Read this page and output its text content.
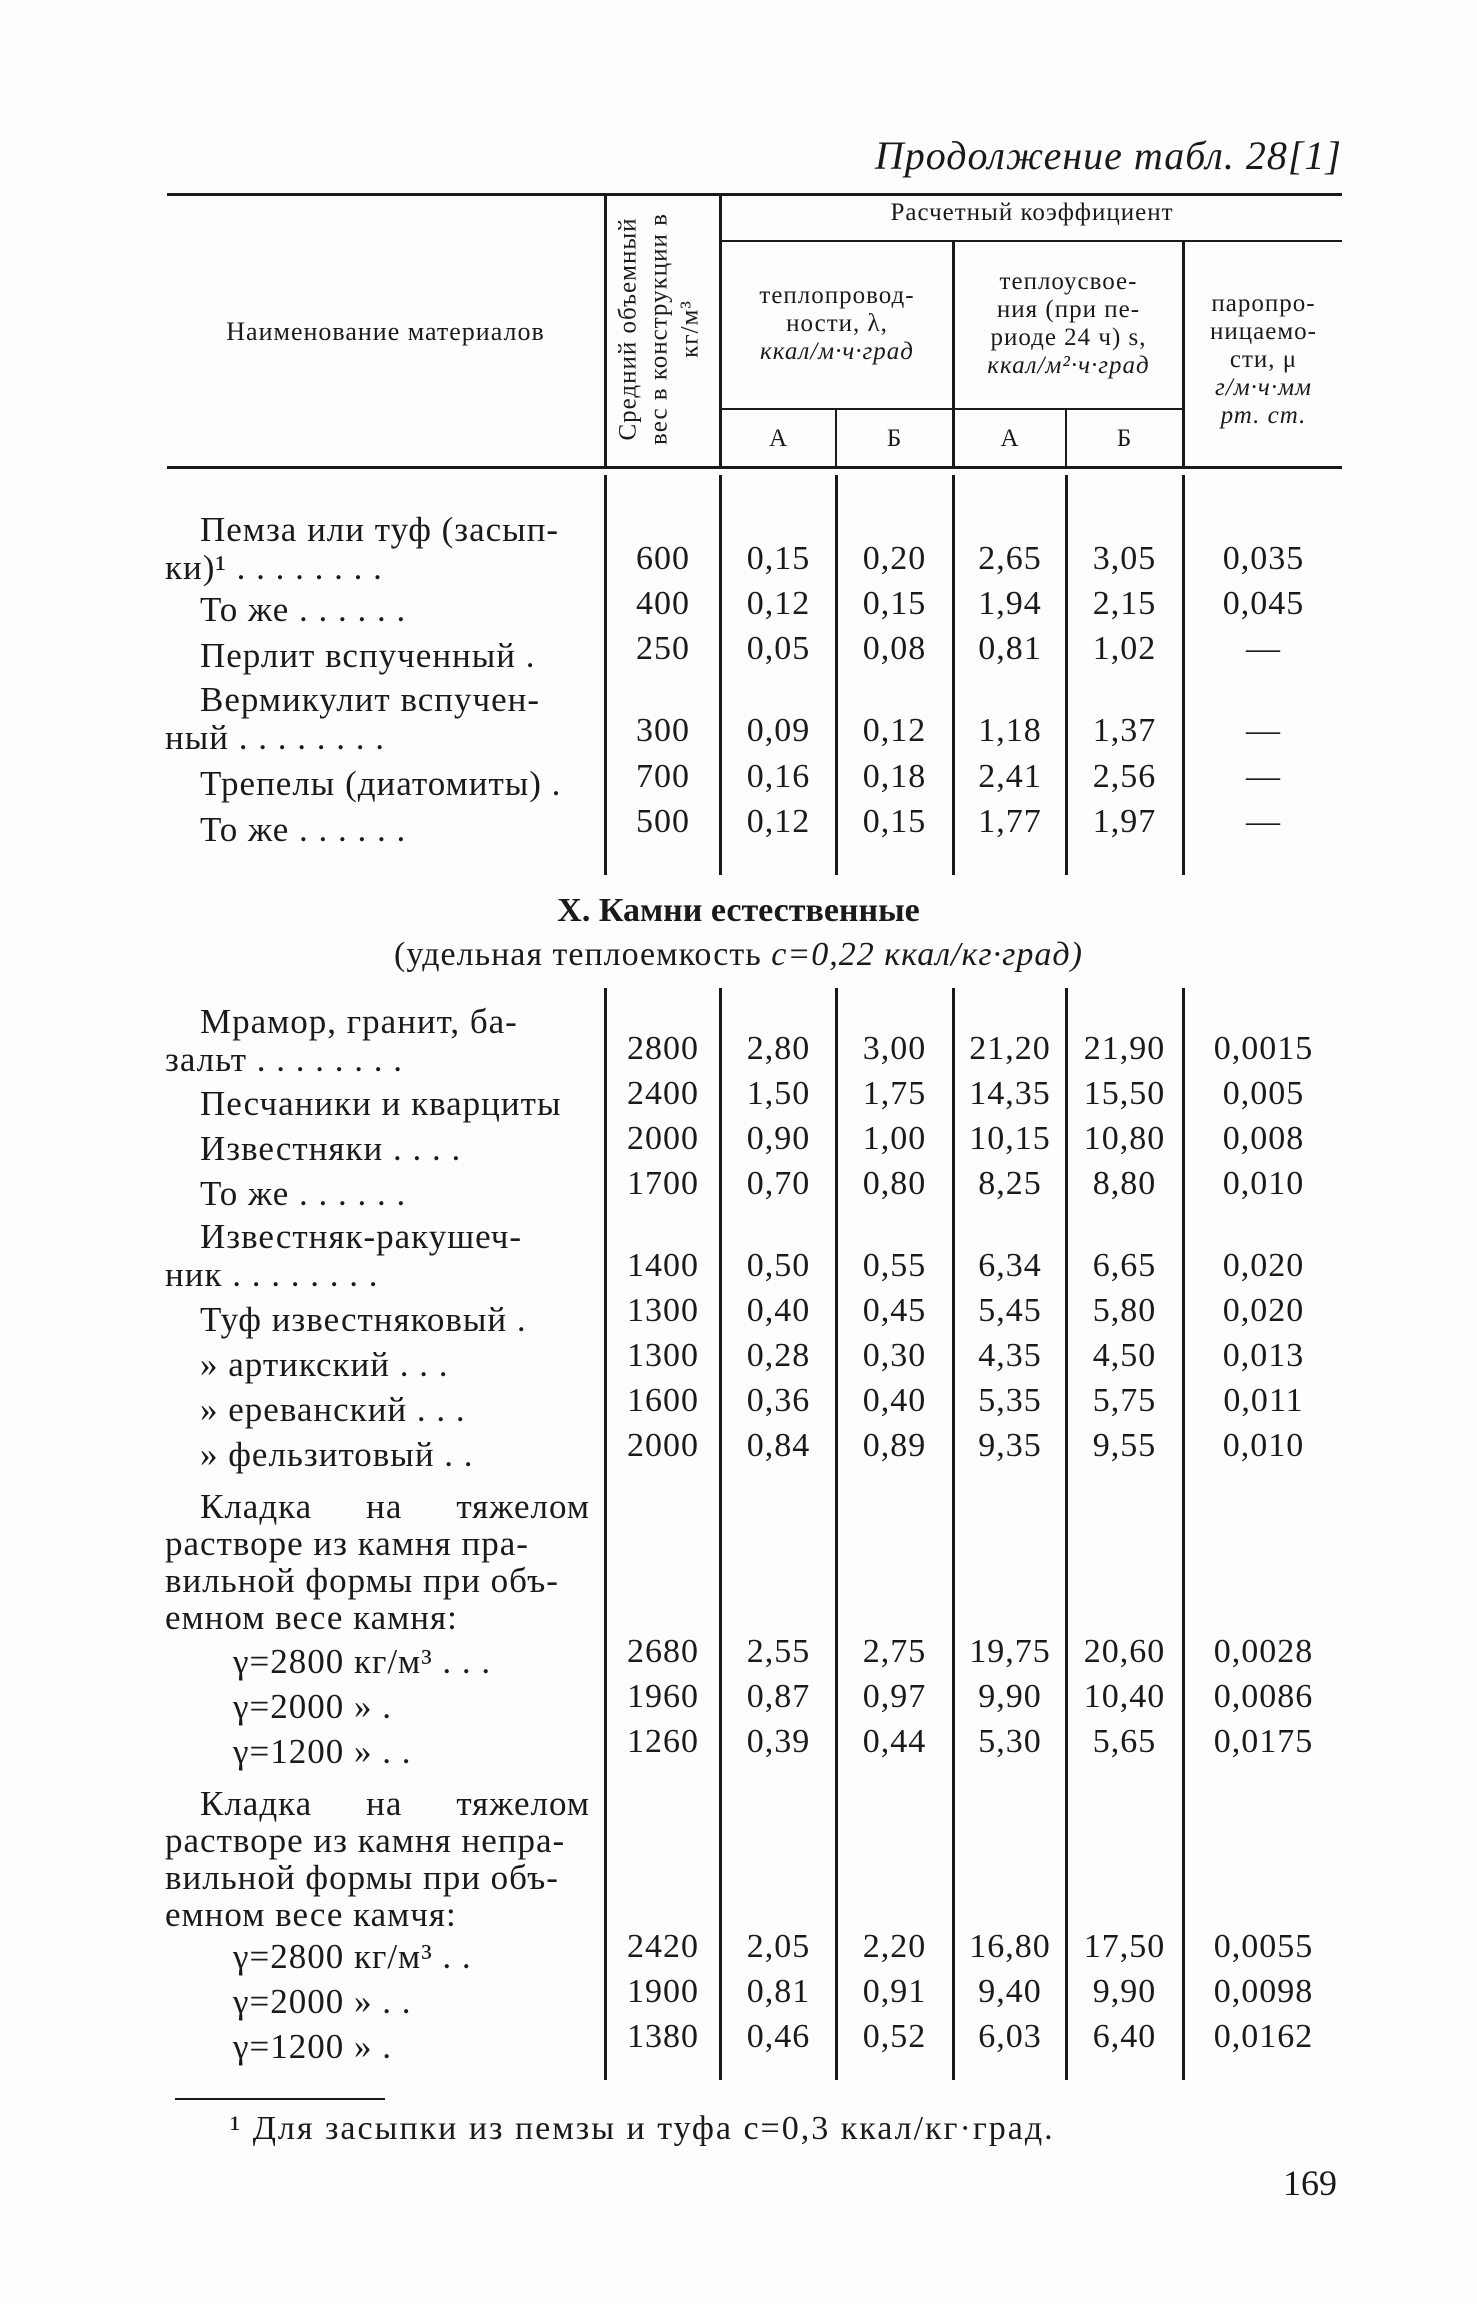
Продолжение табл. 28[1]
Наименование материалов	Средний объемный вес в конструкции в кг/м³
Расчетный коэффициент
теплопровод-
ности, λ,
ккал/м·ч·град
теплоусвое-
ния (при пе-
риоде 24 ч) s,
ккал/м²·ч·град
паропро-
ницаемо-
сти, μ
г/м·ч·мм
рт. ст.
А	Б	А	Б
Пемза или туф (засып-
ки)¹ . . . . . . . .	600	0,15	0,20	2,65	3,05	0,035
То же . . . . . .	400	0,12	0,15	1,94	2,15	0,045
Перлит вспученный .	250	0,05	0,08	0,81	1,02	—
Вермикулит вспучен-
ный . . . . . . . .	300	0,09	0,12	1,18	1,37	—
Трепелы (диатомиты) .	700	0,16	0,18	2,41	2,56	—
То же . . . . . .	500	0,12	0,15	1,77	1,97	—
X. Камни естественные
(удельная теплоемкость c=0,22 ккал/кг·град)
Мрамор, гранит, ба-
зальт . . . . . . . .	2800	2,80	3,00	21,20 21,90	0,0015
Песчаники и кварциты	2400	1,50	1,75	14,35 15,50	0,005
Известняки . . . .	2000	0,90	1,00	10,15 10,80	0,008
То же . . . . . .	1700	0,70	0,80	8,25	8,80	0,010
Известняк-ракушеч-
ник . . . . . . . .	1400	0,50	0,55	6,34	6,65	0,020
Туф известняковый .	1300	0,40	0,45	5,45	5,80	0,020
» артикский . . .	1300	0,28	0,30	4,35	4,50	0,013
» ереванский . . .	1600	0,36	0,40	5,35	5,75	0,011
» фельзитовый . .	2000	0,84	0,89	9,35	9,55	0,010
Кладка на тяжелом
растворе из камня пра-
вильной формы при объ-
емном весе камня:
γ=2800 кг/м³ . . .	2680	2,55	2,75	19,75 20,60	0,0028
γ=2000 » .	1960	0,87	0,97	9,90	10,40	0,0086
γ=1200 » . .	1260	0,39	0,44	5,30	5,65	0,0175
Кладка на тяжелом
растворе из камня непра-
вильной формы при объ-
емном весе камчя:
γ=2800 кг/м³ . .	2420	2,05	2,20	16,80 17,50	0,0055
γ=2000 » . .	1900	0,81	0,91	9,40	9,90	0,0098
γ=1200 » .	1380	0,46	0,52	6,03	6,40	0,0162
¹ Для засыпки из пемзы и туфа c=0,3 ккал/кг·град.
169
